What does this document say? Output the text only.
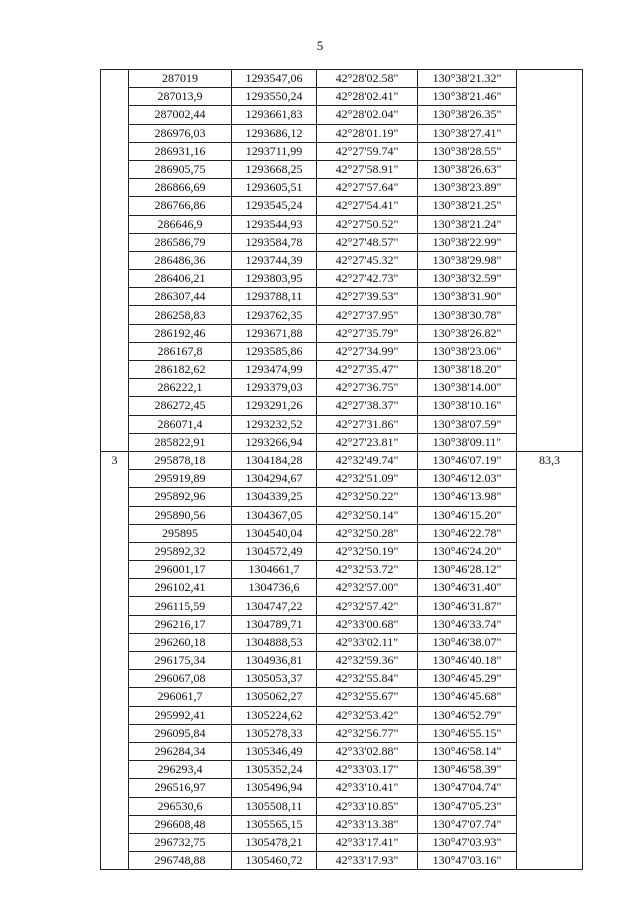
5
	287019	1293547,06	42°28'02.58"	130°38'21.32"	
	287013,9	1293550,24	42°28'02.41"	130°38'21.46"	
	287002,44	1293661,83	42°28'02.04"	130°38'26.35"	
	286976,03	1293686,12	42°28'01.19"	130°38'27.41"	
	286931,16	1293711,99	42°27'59.74"	130°38'28.55"	
	286905,75	1293668,25	42°27'58.91"	130°38'26.63"	
	286866,69	1293605,51	42°27'57.64"	130°38'23.89"	
	286766,86	1293545,24	42°27'54.41"	130°38'21.25"	
	286646,9	1293544,93	42°27'50.52"	130°38'21.24"	
	286586,79	1293584,78	42°27'48.57"	130°38'22.99"	
	286486,36	1293744,39	42°27'45.32"	130°38'29.98"	
	286406,21	1293803,95	42°27'42.73"	130°38'32.59"	
	286307,44	1293788,11	42°27'39.53"	130°38'31.90"	
	286258,83	1293762,35	42°27'37.95"	130°38'30.78"	
	286192,46	1293671,88	42°27'35.79"	130°38'26.82"	
	286167,8	1293585,86	42°27'34.99"	130°38'23.06"	
	286182,62	1293474,99	42°27'35.47"	130°38'18.20"	
	286222,1	1293379,03	42°27'36.75"	130°38'14.00"	
	286272,45	1293291,26	42°27'38.37"	130°38'10.16"	
	286071,4	1293232,52	42°27'31.86"	130°38'07.59"	
	285822,91	1293266,94	42°27'23.81"	130°38'09.11"	
3	295878,18	1304184,28	42°32'49.74"	130°46'07.19"	83,3
	295919,89	1304294,67	42°32'51.09"	130°46'12.03"	
	295892,96	1304339,25	42°32'50.22"	130°46'13.98"	
	295890,56	1304367,05	42°32'50.14"	130°46'15.20"	
	295895	1304540,04	42°32'50.28"	130°46'22.78"	
	295892,32	1304572,49	42°32'50.19"	130°46'24.20"	
	296001,17	1304661,7	42°32'53.72"	130°46'28.12"	
	296102,41	1304736,6	42°32'57.00"	130°46'31.40"	
	296115,59	1304747,22	42°32'57.42"	130°46'31.87"	
	296216,17	1304789,71	42°33'00.68"	130°46'33.74"	
	296260,18	1304888,53	42°33'02.11"	130°46'38.07"	
	296175,34	1304936,81	42°32'59.36"	130°46'40.18"	
	296067,08	1305053,37	42°32'55.84"	130°46'45.29"	
	296061,7	1305062,27	42°32'55.67"	130°46'45.68"	
	295992,41	1305224,62	42°32'53.42"	130°46'52.79"	
	296095,84	1305278,33	42°32'56.77"	130°46'55.15"	
	296284,34	1305346,49	42°33'02.88"	130°46'58.14"	
	296293,4	1305352,24	42°33'03.17"	130°46'58.39"	
	296516,97	1305496,94	42°33'10.41"	130°47'04.74"	
	296530,6	1305508,11	42°33'10.85"	130°47'05.23"	
	296608,48	1305565,15	42°33'13.38"	130°47'07.74"	
	296732,75	1305478,21	42°33'17.41"	130°47'03.93"	
	296748,88	1305460,72	42°33'17.93"	130°47'03.16"	
